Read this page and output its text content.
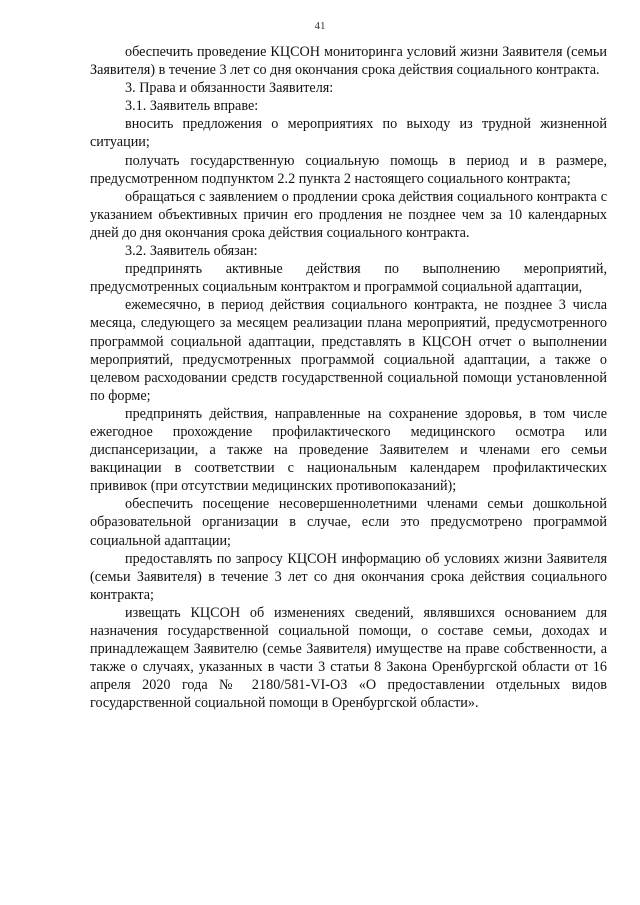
41

обеспечить проведение КЦСОН мониторинга условий жизни Заявителя (семьи Заявителя) в течение 3 лет со дня окончания срока действия социального контракта.

3. Права и обязанности Заявителя:

3.1. Заявитель вправе:

вносить предложения о мероприятиях по выходу из трудной жизненной ситуации;

получать государственную социальную помощь в период и в размере, предусмотренном подпунктом 2.2 пункта 2 настоящего социального контракта;

обращаться с заявлением о продлении срока действия социального контракта с указанием объективных причин его продления не позднее чем за 10 календарных дней до дня окончания срока действия социального контракта.

3.2. Заявитель обязан:

предпринять активные действия по выполнению мероприятий, предусмотренных социальным контрактом и программой социальной адаптации,

ежемесячно, в период действия социального контракта, не позднее 3 числа месяца, следующего за месяцем реализации плана мероприятий, предусмотренного программой социальной адаптации, представлять в КЦСОН отчет о выполнении мероприятий, предусмотренных программой социальной адаптации, а также о целевом расходовании средств государственной социальной помощи установленной по форме;

предпринять действия, направленные на сохранение здоровья, в том числе ежегодное прохождение профилактического медицинского осмотра или диспансеризации, а также на проведение Заявителем и членами его семьи вакцинации в соответствии с национальным календарем профилактических прививок (при отсутствии медицинских противопоказаний);

обеспечить посещение несовершеннолетними членами семьи дошкольной образовательной организации в случае, если это предусмотрено программой социальной адаптации;

предоставлять по запросу КЦСОН информацию об условиях жизни Заявителя (семьи Заявителя) в течение 3 лет со дня окончания срока действия социального контракта;

извещать КЦСОН об изменениях сведений, являвшихся основанием для назначения государственной социальной помощи, о составе семьи, доходах и принадлежащем Заявителю (семье Заявителя) имуществе на праве собственности, а также о случаях, указанных в части 3 статьи 8 Закона Оренбургской области от 16 апреля 2020 года № 2180/581-VI-ОЗ «О предоставлении отдельных видов государственной социальной помощи в Оренбургской области».
